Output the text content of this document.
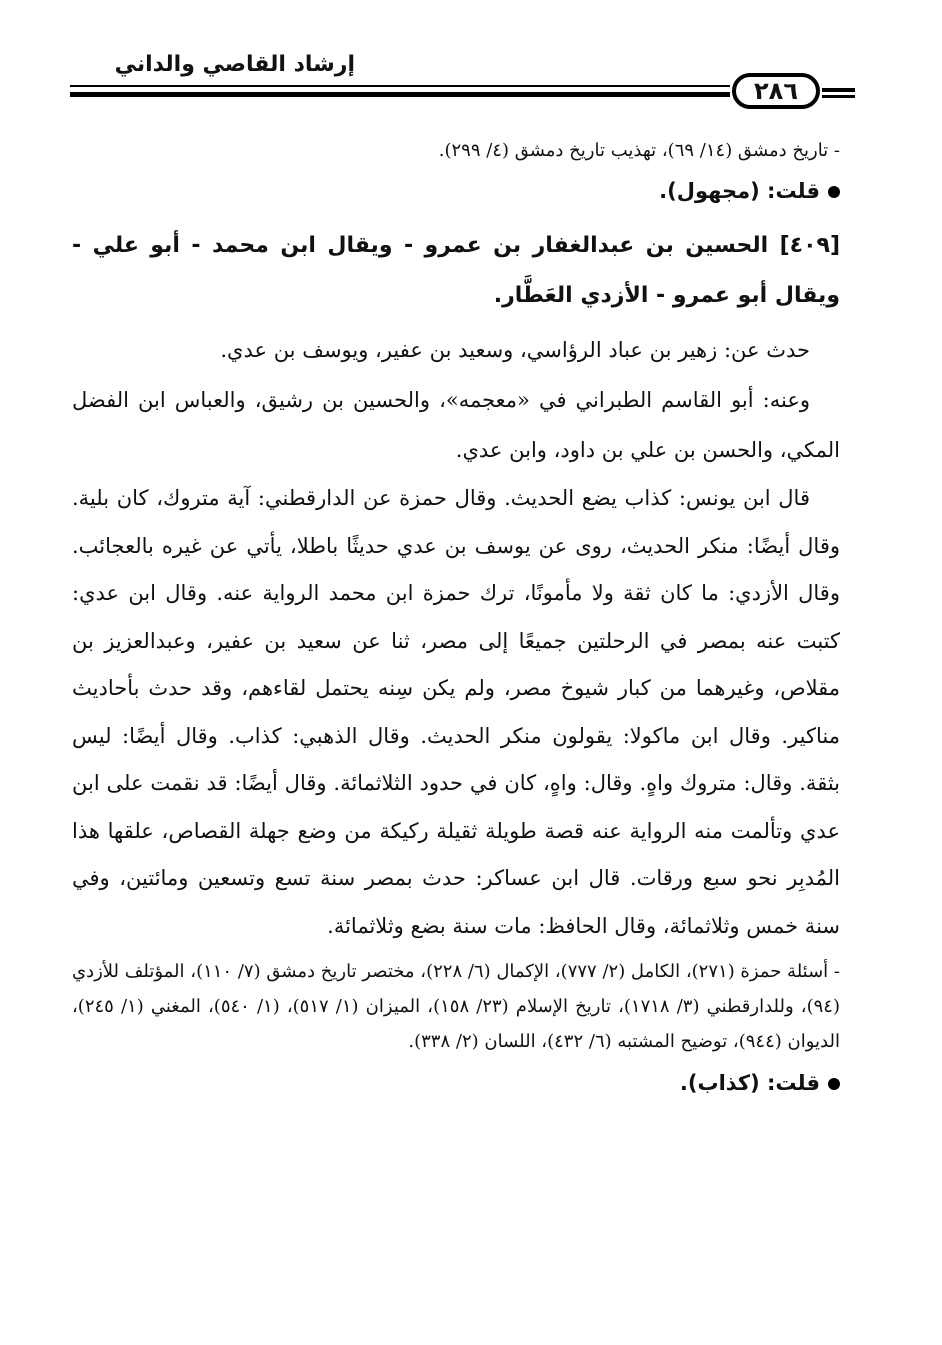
إرشاد القاصي والداني
٢٨٦

- تاريخ دمشق (١٤/ ٦٩)، تهذيب تاريخ دمشق (٤/ ٢٩٩).

قلت: (مجهول).

[٤٠٩] الحسين بن عبدالغفار بن عمرو - ويقال ابن محمد - أبو علي - ويقال أبو عمرو - الأزدي العَطَّار.

حدث عن: زهير بن عباد الرؤاسي، وسعيد بن عفير، ويوسف بن عدي.

وعنه: أبو القاسم الطبراني في «معجمه»، والحسين بن رشيق، والعباس ابن الفضل المكي، والحسن بن علي بن داود، وابن عدي.

قال ابن يونس: كذاب يضع الحديث. وقال حمزة عن الدارقطني: آية متروك، كان بلية. وقال أيضًا: منكر الحديث، روى عن يوسف بن عدي حديثًا باطلا، يأتي عن غيره بالعجائب. وقال الأزدي: ما كان ثقة ولا مأمونًا، ترك حمزة ابن محمد الرواية عنه. وقال ابن عدي: كتبت عنه بمصر في الرحلتين جميعًا إلى مصر، ثنا عن سعيد بن عفير، وعبدالعزيز بن مقلاص، وغيرهما من كبار شيوخ مصر، ولم يكن سِنه يحتمل لقاءهم، وقد حدث بأحاديث مناكير. وقال ابن ماكولا: يقولون منكر الحديث. وقال الذهبي: كذاب. وقال أيضًا: ليس بثقة. وقال: متروك واهٍ. وقال: واهٍ، كان في حدود الثلاثمائة. وقال أيضًا: قد نقمت على ابن عدي وتألمت منه الرواية عنه قصة طويلة ثقيلة ركيكة من وضع جهلة القصاص، علقها هذا المُدبِر نحو سبع ورقات. قال ابن عساكر: حدث بمصر سنة تسع وتسعين ومائتين، وفي سنة خمس وثلاثمائة، وقال الحافظ: مات سنة بضع وثلاثمائة.

- أسئلة حمزة (٢٧١)، الكامل (٢/ ٧٧٧)، الإكمال (٦/ ٢٢٨)، مختصر تاريخ دمشق (٧/ ١١٠)، المؤتلف للأزدي (٩٤)، وللدارقطني (٣/ ١٧١٨)، تاريخ الإسلام (٢٣/ ١٥٨)، الميزان (١/ ٥١٧)، (١/ ٥٤٠)، المغني (١/ ٢٤٥)، الديوان (٩٤٤)، توضيح المشتبه (٦/ ٤٣٢)، اللسان (٢/ ٣٣٨).

قلت: (كذاب).
